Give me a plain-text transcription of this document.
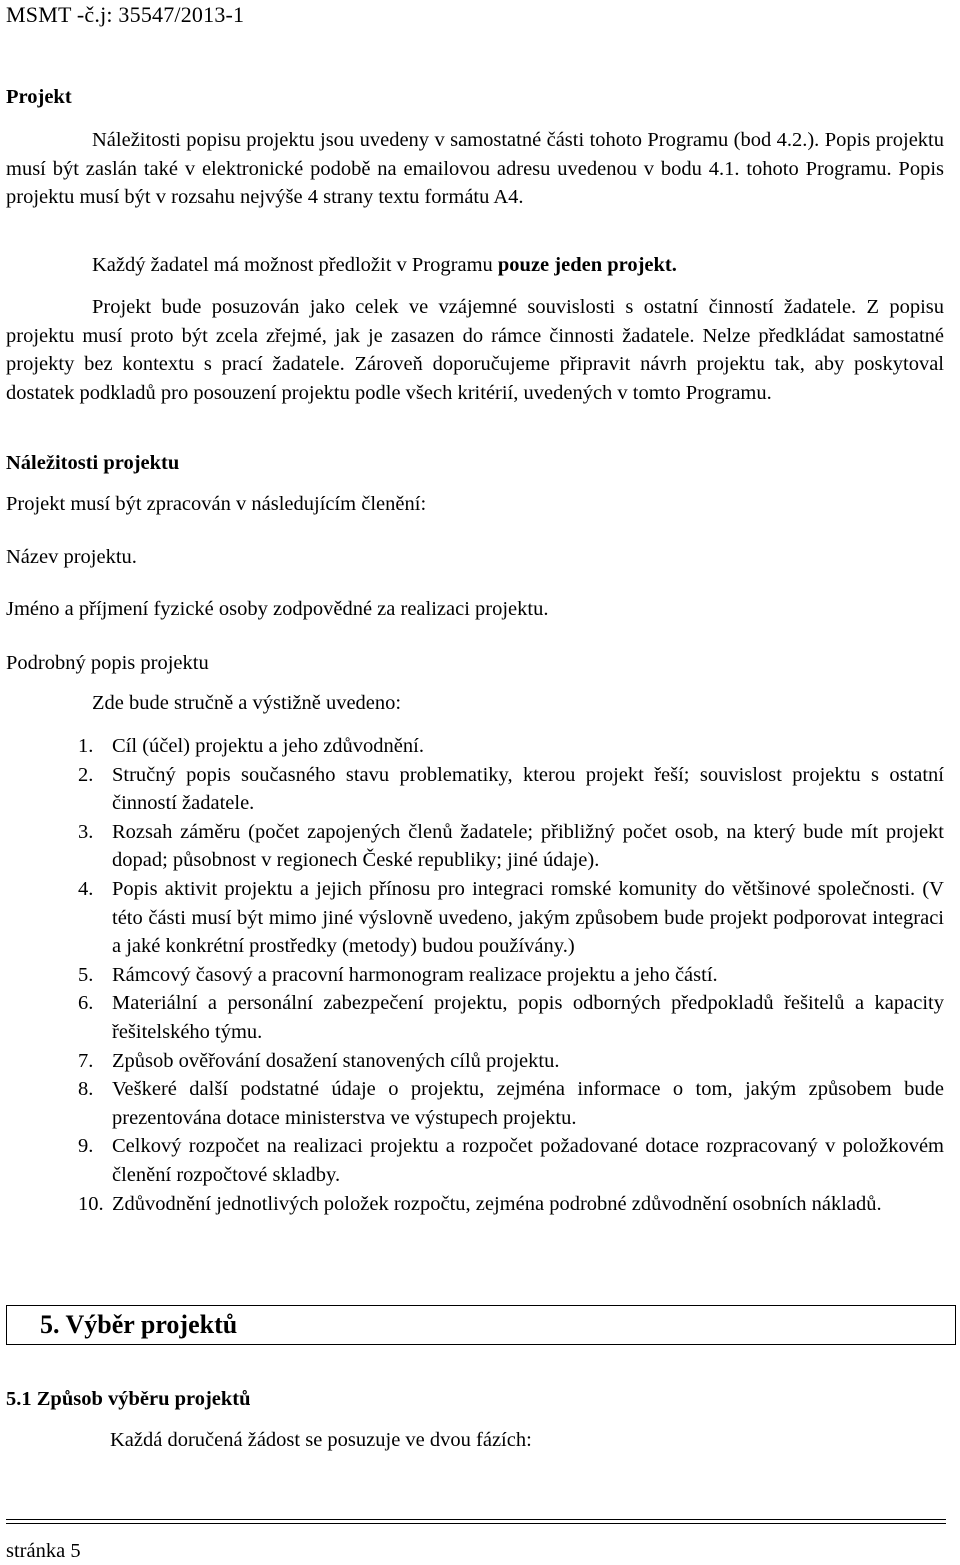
MSMT -č.j: 35547/2013-1
Projekt
Náležitosti popisu projektu jsou uvedeny v samostatné části tohoto Programu (bod 4.2.). Popis projektu musí být zaslán také v elektronické podobě na emailovou adresu uvedenou v bodu 4.1. tohoto Programu. Popis projektu musí být v rozsahu nejvýše 4 strany textu formátu A4.
Každý žadatel má možnost předložit v Programu pouze jeden projekt.
Projekt bude posuzován jako celek ve vzájemné souvislosti s ostatní činností žadatele. Z popisu projektu musí proto být zcela zřejmé, jak je zasazen do rámce činnosti žadatele. Nelze předkládat samostatné projekty bez kontextu s prací žadatele. Zároveň doporučujeme připravit návrh projektu tak, aby poskytoval dostatek podkladů pro posouzení projektu podle všech kritérií, uvedených v tomto Programu.
Náležitosti projektu
Projekt musí být zpracován v následujícím členění:
Název projektu.
Jméno a příjmení fyzické osoby zodpovědné za realizaci projektu.
Podrobný popis projektu
Zde bude stručně a výstižně uvedeno:
1. Cíl (účel) projektu a jeho zdůvodnění.
2. Stručný popis současného stavu problematiky, kterou projekt řeší; souvislost projektu s ostatní činností žadatele.
3. Rozsah záměru (počet zapojených členů žadatele; přibližný počet osob, na který bude mít projekt dopad; působnost v regionech České republiky; jiné údaje).
4. Popis aktivit projektu a jejich přínosu pro integraci romské komunity do většinové společnosti. (V této části musí být mimo jiné výslovně uvedeno, jakým způsobem bude projekt podporovat integraci a jaké konkrétní prostředky (metody) budou používány.)
5. Rámcový časový a pracovní harmonogram realizace projektu a jeho částí.
6. Materiální a personální zabezpečení projektu, popis odborných předpokladů řešitelů a kapacity řešitelského týmu.
7. Způsob ověřování dosažení stanovených cílů projektu.
8. Veškeré další podstatné údaje o projektu, zejména informace o tom, jakým způsobem bude prezentována dotace ministerstva ve výstupech projektu.
9. Celkový rozpočet na realizaci projektu a rozpočet požadované dotace rozpracovaný v položkovém členění rozpočtové skladby.
10. Zdůvodnění jednotlivých položek rozpočtu, zejména podrobné zdůvodnění osobních nákladů.
5. Výběr projektů
5.1 Způsob výběru projektů
Každá doručená žádost se posuzuje ve dvou fázích:
stránka 5
